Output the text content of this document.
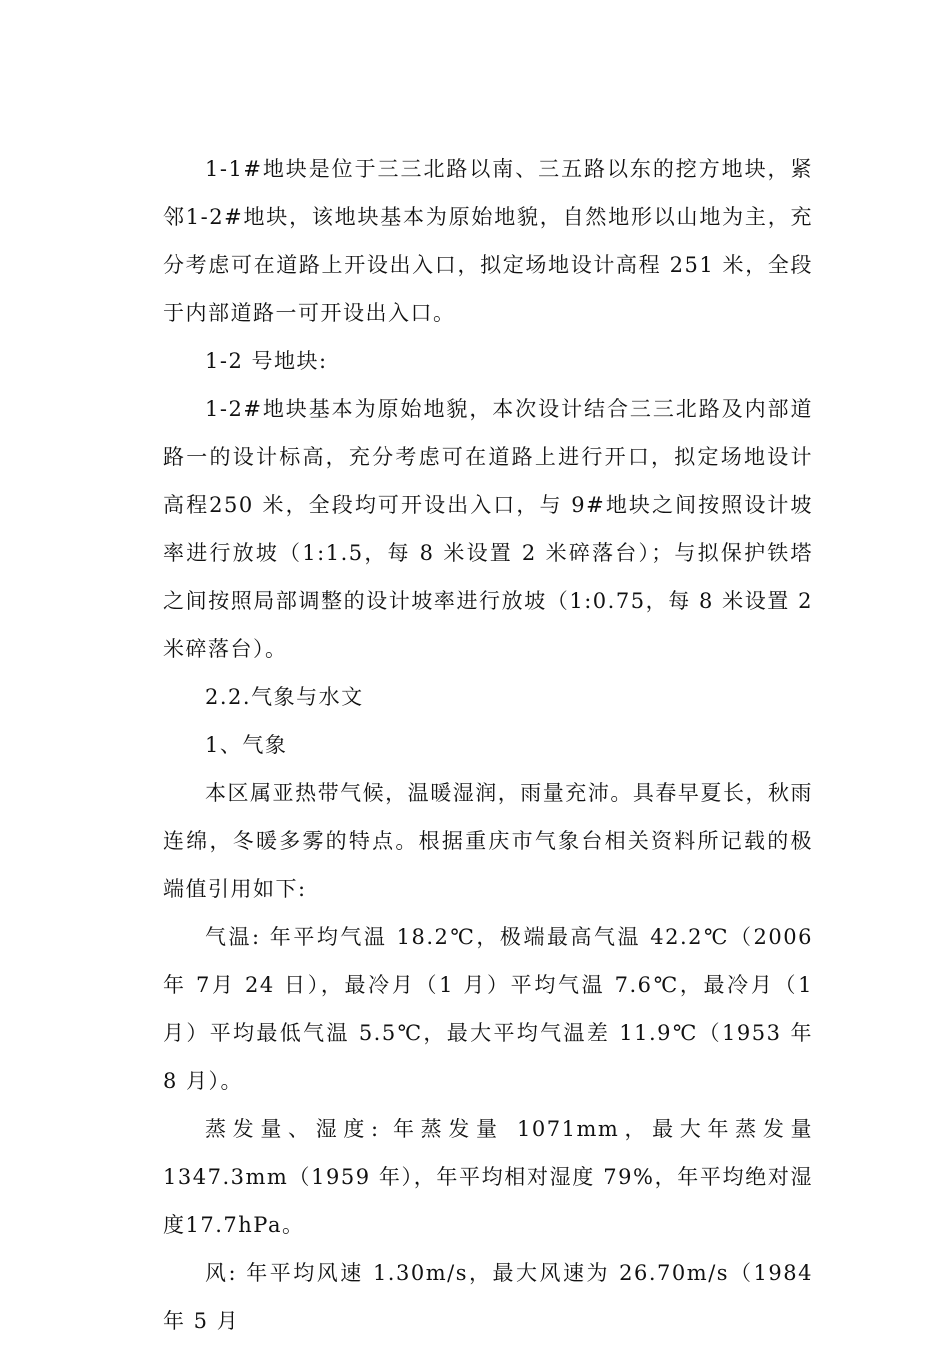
1-1#地块是位于三三北路以南、三五路以东的挖方地块，紧邻1-2#地块，该地块基本为原始地貌，自然地形以山地为主，充分考虑可在道路上开设出入口，拟定场地设计高程 251 米，全段于内部道路一可开设出入口。

1-2 号地块:

1-2#地块基本为原始地貌，本次设计结合三三北路及内部道路一的设计标高，充分考虑可在道路上进行开口，拟定场地设计高程250 米，全段均可开设出入口，与 9#地块之间按照设计坡率进行放坡（1:1.5，每 8 米设置 2 米碎落台）；与拟保护铁塔之间按照局部调整的设计坡率进行放坡（1:0.75，每 8 米设置 2 米碎落台）。

2.2.气象与水文

1、气象

本区属亚热带气候，温暖湿润，雨量充沛。具春早夏长，秋雨连绵，冬暖多雾的特点。根据重庆市气象台相关资料所记载的极端值引用如下:

气温: 年平均气温 18.2℃，极端最高气温 42.2℃（2006 年 7月 24 日），最冷月（1 月）平均气温 7.6℃，最冷月（1 月）平均最低气温 5.5℃，最大平均气温差 11.9℃（1953 年 8 月）。

蒸发量、湿度: 年蒸发量 1071mm，最大年蒸发量1347.3mm（1959 年），年平均相对湿度 79%，年平均绝对湿度17.7hPa。

风: 年平均风速 1.30m/s，最大风速为 26.70m/s（1984 年 5 月
